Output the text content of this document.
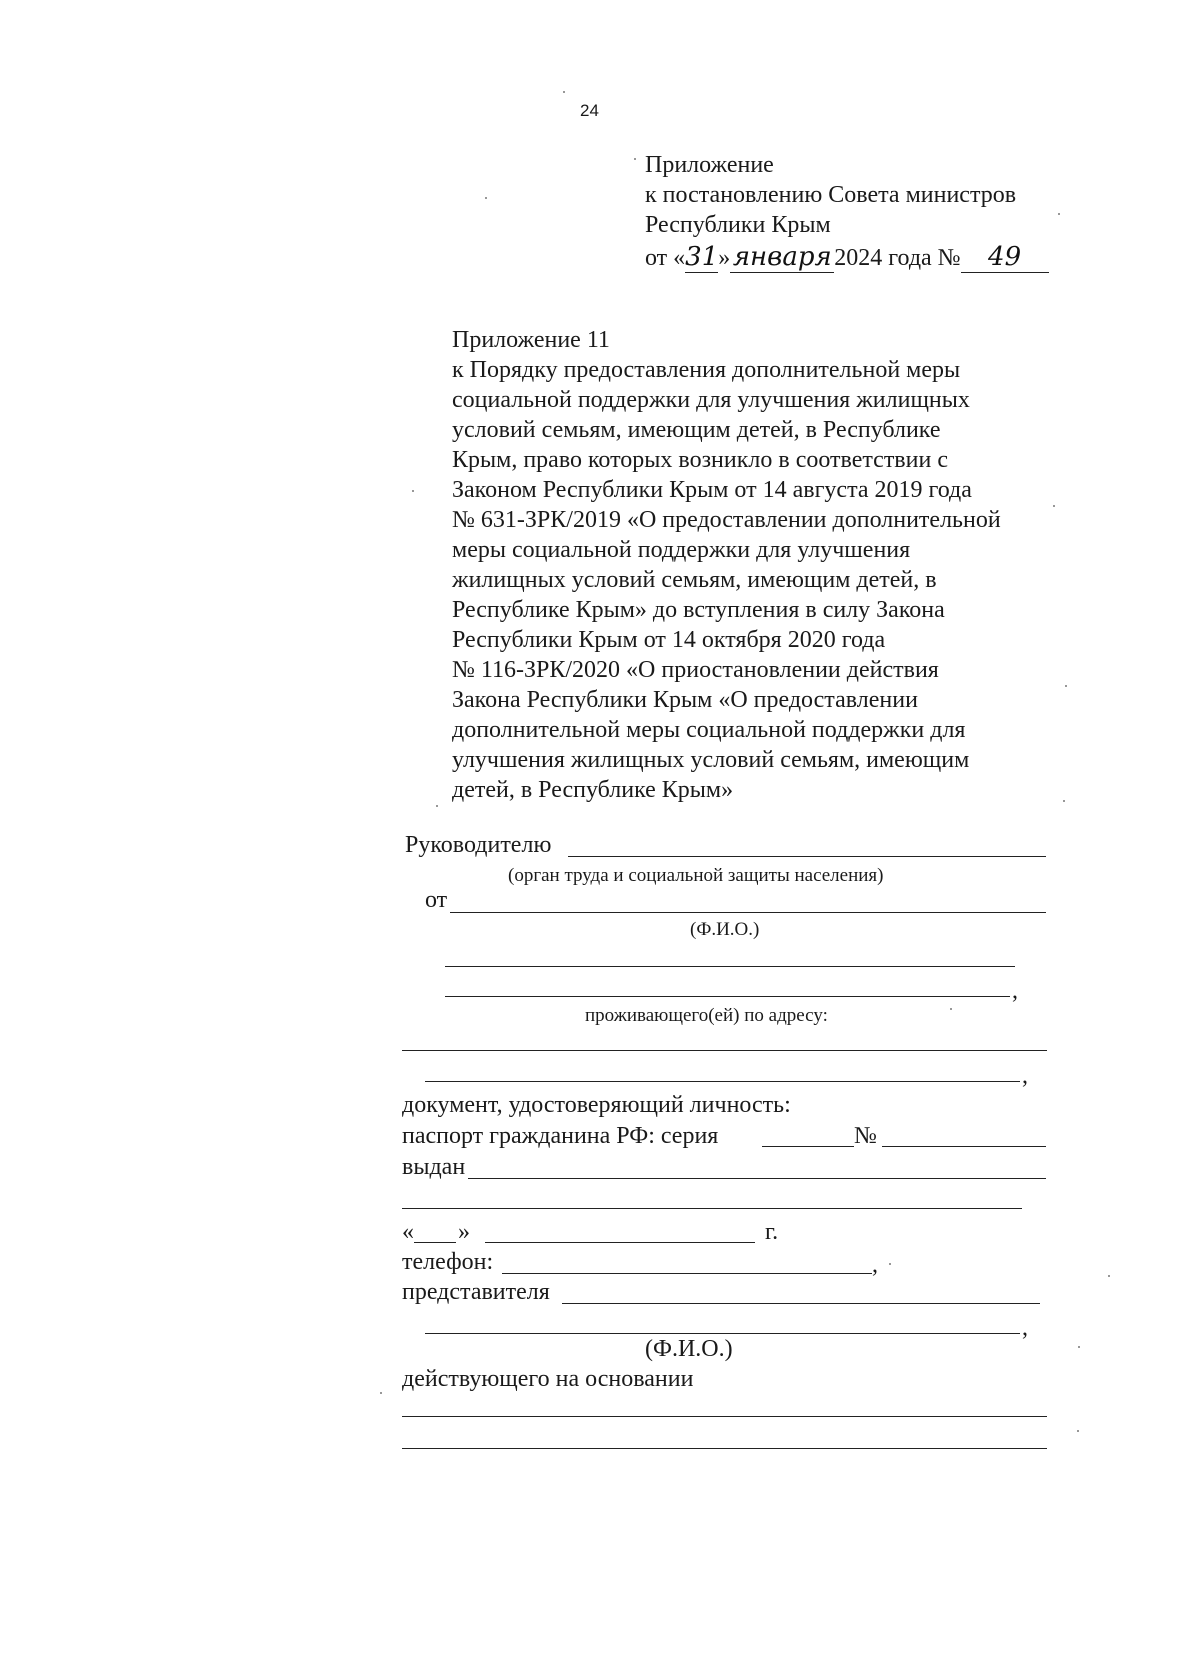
24
Приложение
к постановлению Совета министров
Республики Крым
от «31»января 2024 года № 49
Приложение 11
к Порядку предоставления дополнительной меры
социальной поддержки для улучшения жилищных
условий семьям, имеющим детей, в Республике
Крым, право которых возникло в соответствии с
Законом Республики Крым от 14 августа 2019 года
№ 631-ЗРК/2019 «О предоставлении дополнительной
меры социальной поддержки для улучшения
жилищных условий семьям, имеющим детей, в
Республике Крым» до вступления в силу Закона
Республики Крым от 14 октября 2020 года
№ 116-ЗРК/2020 «О приостановлении действия
Закона Республики Крым «О предоставлении
дополнительной меры социальной поддержки для
улучшения жилищных условий семьям, имеющим
детей, в Республике Крым»
Руководителю
(орган труда и социальной защиты населения)
от
(Ф.И.О.)
,
проживающего(ей) по адресу:
,
документ, удостоверяющий личность:
паспорт гражданина РФ: серия	№
выдан
« »	г.
телефон:	,
представителя
,
(Ф.И.О.)
действующего на основании
